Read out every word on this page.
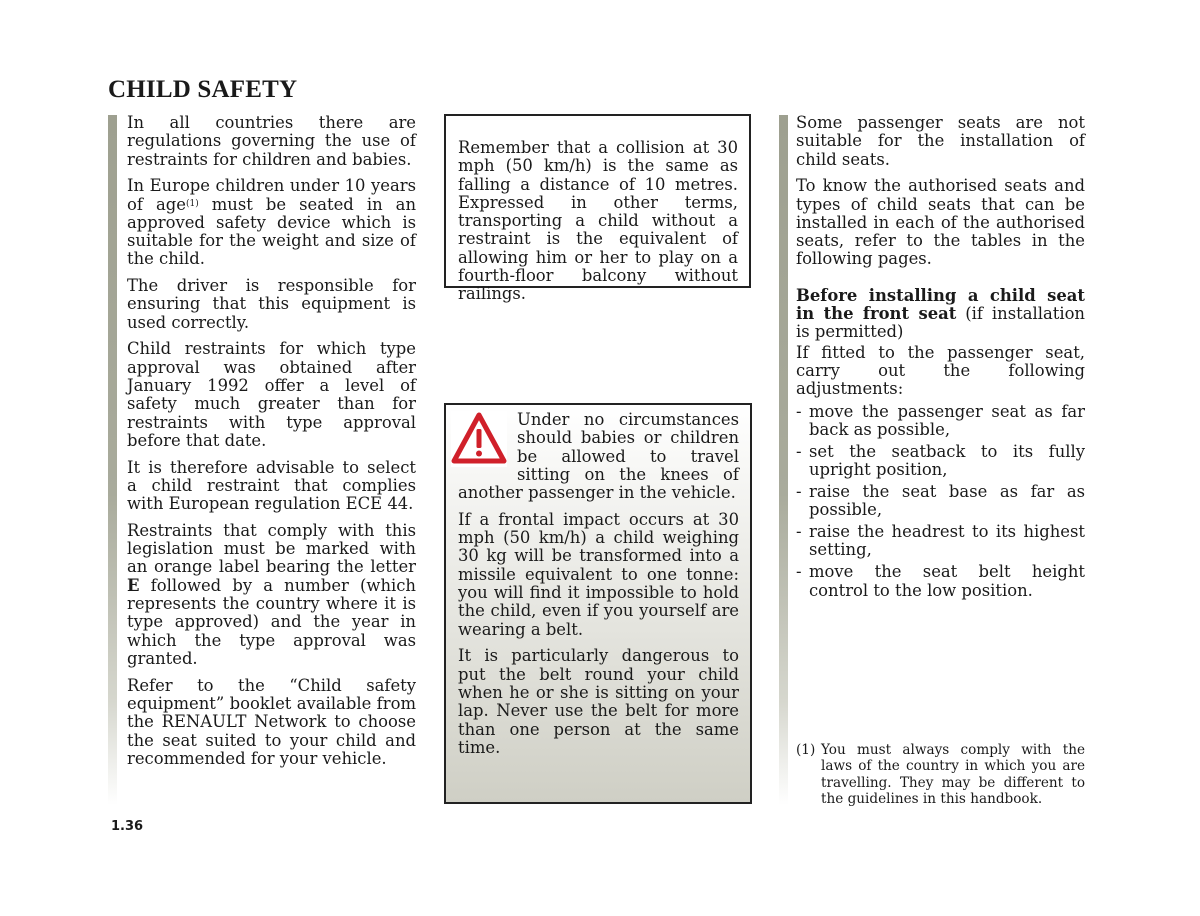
CHILD SAFETY

In all countries there are regulations governing the use of restraints for children and babies.

In Europe children under 10 years of age$^{(1)}$ must be seated in an approved safety device which is suitable for the weight and size of the child.

The driver is responsible for ensuring that this equipment is used correctly.

Child restraints for which type approval was obtained after January 1992 offer a level of safety much greater than for restraints with type approval before that date.

It is therefore advisable to select a child restraint that complies with European regulation ECE 44.

Restraints that comply with this legislation must be marked with an orange label bearing the letter E followed by a number (which represents the country where it is type approved) and the year in which the type approval was granted.

Refer to the “Child safety equipment” booklet available from the RENAULT Network to choose the seat suited to your child and recommended for your vehicle.

Remember that a collision at 30 mph (50 km/h) is the same as falling a distance of 10 metres. Expressed in other terms, transporting a child without a restraint is the equivalent of allowing him or her to play on a fourth-floor balcony without railings.

Under no circumstances should babies or children be allowed to travel sitting on the knees of another passenger in the vehicle.

If a frontal impact occurs at 30 mph (50 km/h) a child weighing 30 kg will be transformed into a missile equivalent to one tonne: you will find it impossible to hold the child, even if you yourself are wearing a belt.

It is particularly dangerous to put the belt round your child when he or she is sitting on your lap. Never use the belt for more than one person at the same time.

Some passenger seats are not suitable for the installation of child seats.

To know the authorised seats and types of child seats that can be installed in each of the authorised seats, refer to the tables in the following pages.

Before installing a child seat in the front seat (if installation is permitted)

If fitted to the passenger seat, carry out the following adjustments:

- move the passenger seat as far back as possible,
- set the seatback to its fully upright position,
- raise the seat base as far as possible,
- raise the headrest to its highest setting,
- move the seat belt height control to the low position.
(1) You must always comply with the laws of the country in which you are travelling. They may be different to the guidelines in this handbook.
1.36
